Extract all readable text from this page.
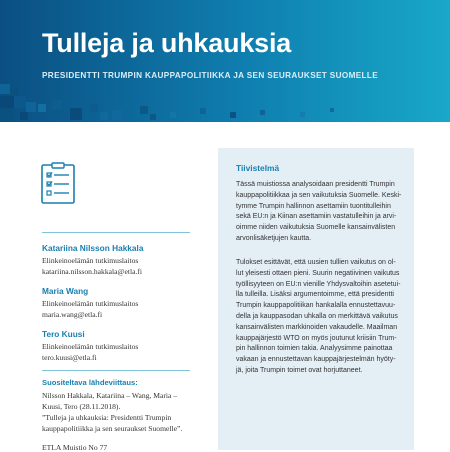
Tulleja ja uhkauksia

PRESIDENTTI TRUMPIN KAUPPAPOLITIIKKA JA SEN SEURAUKSET SUOMELLE

Katariina Nilsson Hakkala
Elinkeinoelämän tutkimuslaitos
katariina.nilsson.hakkala@etla.fi
Maria Wang
Elinkeinoelämän tutkimuslaitos
maria.wang@etla.fi
Tero Kuusi
Elinkeinoelämän tutkimuslaitos
tero.kuusi@etla.fi
Suositeltava lähdeviittaus:
Nilsson Hakkala, Katariina – Wang, Maria –
Kuusi, Tero (28.11.2018).
”Tulleja ja uhkauksia: Presidentti Trumpin
kauppapolitiikka ja sen seuraukset Suomelle”.
ETLA Muistio No 77
Tiivistelmä
Tässä muistiossa analysoidaan presidentti Trumpin
kauppapolitiikkaa ja sen vaikutuksia Suomelle. Keski-
tymme Trumpin hallinnon asettamiin tuontitulleihin
sekä EU:n ja Kiinan asettamiin vastatulleihin ja arvi-
oimme niiden vaikutuksia Suomelle kansainvälisten
arvonlisäketjujen kautta.
Tulokset esittävät, että uusien tullien vaikutus on ol-
lut yleisesti ottaen pieni. Suurin negatiivinen vaikutus
työllisyyteen on EU:n vienille Yhdysvaltoihin asetetui-
lla tulleilla. Lisäksi argumentoimme, että presidentti
Trumpin kauppapolitiikan hankalalla ennustettavuu-
della ja kauppasodan uhkalla on merkittävä vaikutus
kansainvälisten markkinoiden vakaudelle. Maailman
kauppajärjestö WTO on myös joutunut kriisiin Trum-
pin hallinnon toimien takia. Analyysimme painottaa
vakaan ja ennustettavan kauppajärjestelmän hyöty-
jä, joita Trumpin toimet ovat horjuttaneet.
